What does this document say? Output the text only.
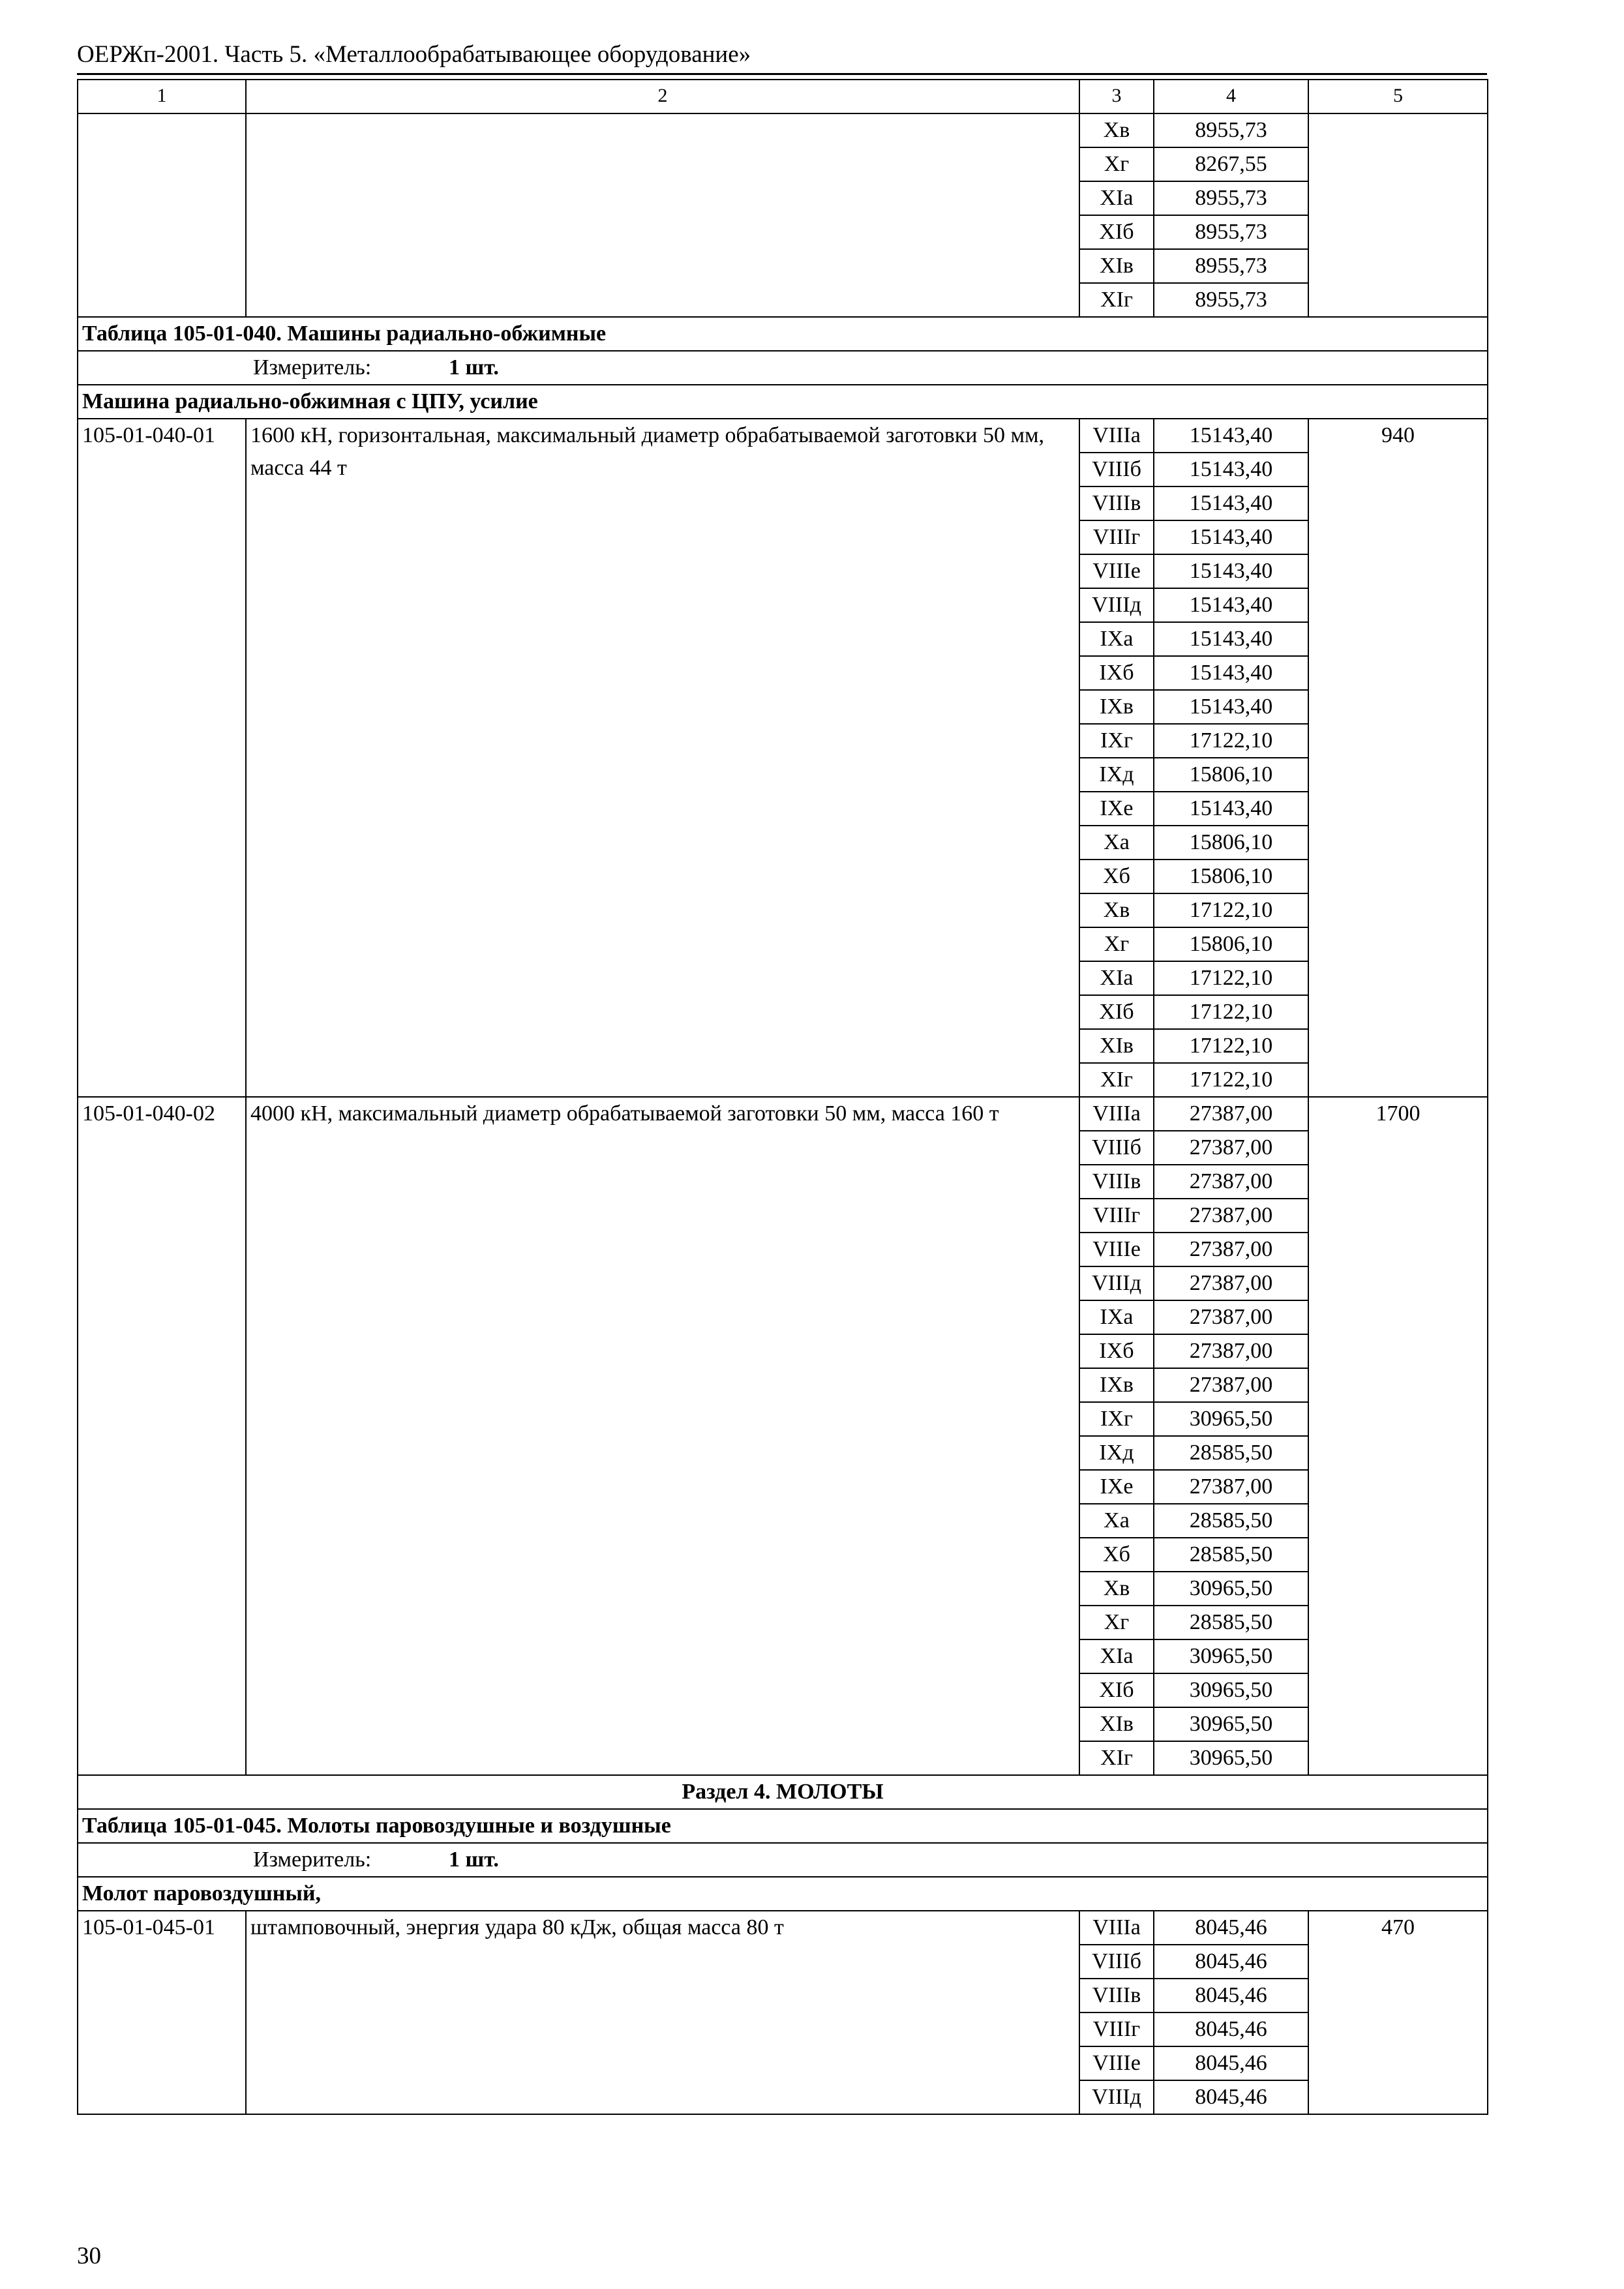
ОЕРЖп-2001. Часть 5. «Металлообрабатывающее оборудование»
1	2	3	4	5
		Xв	8955,73	
		Xг	8267,55	
		XIа	8955,73	
		XIб	8955,73	
		XIв	8955,73	
		XIг	8955,73	
Таблица 105-01-040. Машины радиально-обжимные				
Измеритель: 1 шт.				
Машина радиально-обжимная с ЦПУ, усилие				
105-01-040-01	1600 кН, горизонтальная, максимальный диаметр обрабатываемой заготовки 50 мм, масса 44 т	VIIIа	15143,40	940
		VIIIб	15143,40	
		VIIIв	15143,40	
		VIIIг	15143,40	
		VIIIе	15143,40	
		VIIIд	15143,40	
		IXа	15143,40	
		IXб	15143,40	
		IXв	15143,40	
		IXг	17122,10	
		IXд	15806,10	
		IXе	15143,40	
		Xа	15806,10	
		Xб	15806,10	
		Xв	17122,10	
		Xг	15806,10	
		XIа	17122,10	
		XIб	17122,10	
		XIв	17122,10	
		XIг	17122,10	
105-01-040-02	4000 кН, максимальный диаметр обрабатываемой заготовки 50 мм, масса 160 т	VIIIа	27387,00	1700
		VIIIб	27387,00	
		VIIIв	27387,00	
		VIIIг	27387,00	
		VIIIе	27387,00	
		VIIIд	27387,00	
		IXа	27387,00	
		IXб	27387,00	
		IXв	27387,00	
		IXг	30965,50	
		IXд	28585,50	
		IXе	27387,00	
		Xа	28585,50	
		Xб	28585,50	
		Xв	30965,50	
		Xг	28585,50	
		XIа	30965,50	
		XIб	30965,50	
		XIв	30965,50	
		XIг	30965,50	
Раздел 4. МОЛОТЫ				
Таблица 105-01-045. Молоты паровоздушные и воздушные				
Измеритель: 1 шт.				
Молот паровоздушный,				
105-01-045-01	штамповочный, энергия удара 80 кДж, общая масса 80 т	VIIIа	8045,46	470
		VIIIб	8045,46	
		VIIIв	8045,46	
		VIIIг	8045,46	
		VIIIе	8045,46	
		VIIIд	8045,46	
30
